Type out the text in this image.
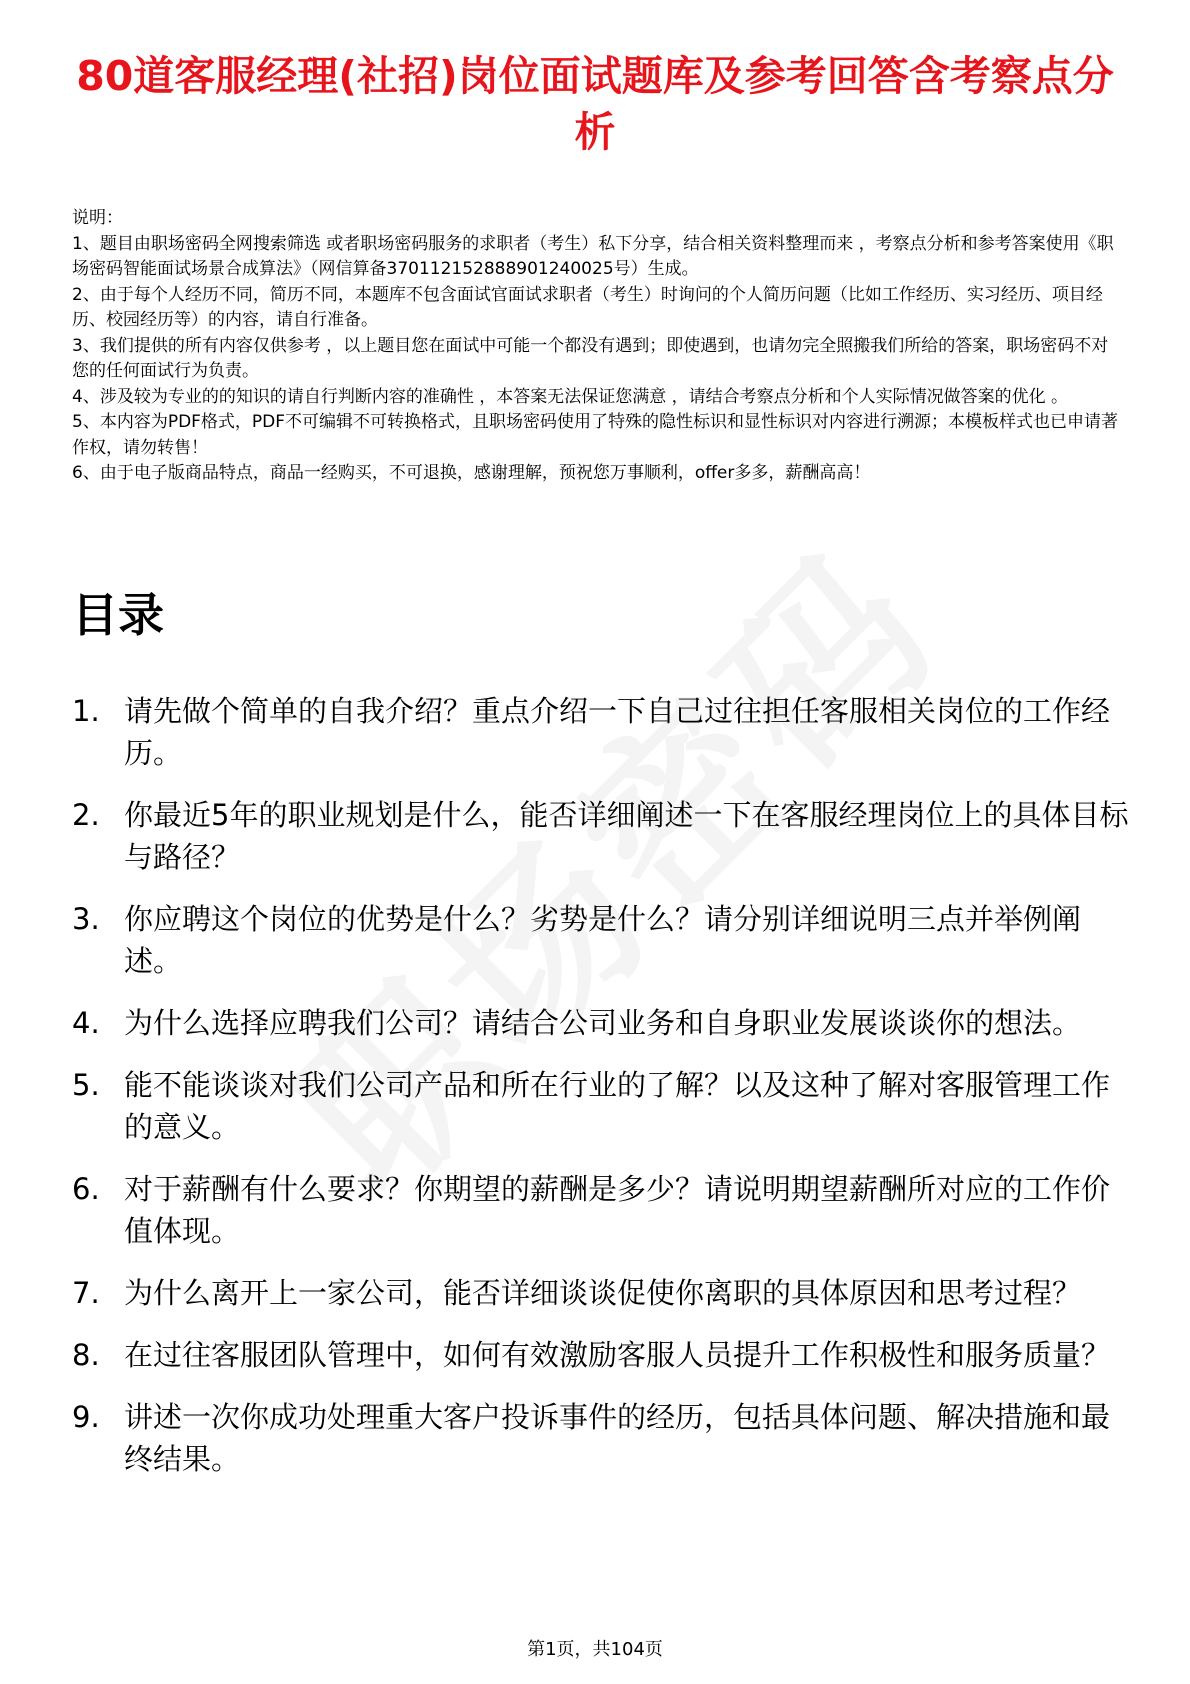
80道客服经理(社招)岗位面试题库及参考回答含考察点分析

说明：

1、题目由职场密码全网搜索筛选 或者职场密码服务的求职者（考生）私下分享，结合相关资料整理而来 ，考察点分析和参考答案使用《职场密码智能面试场景合成算法》（网信算备370112152888901240025号）生成。

2、由于每个人经历不同，简历不同，本题库不包含面试官面试求职者（考生）时询问的个人简历问题（比如工作经历、实习经历、项目经历、校园经历等）的内容，请自行准备。

3、我们提供的所有内容仅供参考 ，以上题目您在面试中可能一个都没有遇到；即使遇到，也请勿完全照搬我们所给的答案，职场密码不对您的任何面试行为负责。

4、涉及较为专业的的知识的请自行判断内容的准确性 ，本答案无法保证您满意 ，请结合考察点分析和个人实际情况做答案的优化 。

5、本内容为PDF格式，PDF不可编辑不可转换格式，且职场密码使用了特殊的隐性标识和显性标识对内容进行溯源；本模板样式也已申请著作权，请勿转售！

6、由于电子版商品特点，商品一经购买，不可退换，感谢理解，预祝您万事顺利，offer多多，薪酬高高！

目录
1. 请先做个简单的自我介绍？重点介绍一下自己过往担任客服相关岗位的工作经历。
2. 你最近5年的职业规划是什么，能否详细阐述一下在客服经理岗位上的具体目标与路径？
3. 你应聘这个岗位的优势是什么？劣势是什么？请分别详细说明三点并举例阐述。
4. 为什么选择应聘我们公司？请结合公司业务和自身职业发展谈谈你的想法。
5. 能不能谈谈对我们公司产品和所在行业的了解？以及这种了解对客服管理工作的意义。
6. 对于薪酬有什么要求？你期望的薪酬是多少？请说明期望薪酬所对应的工作价值体现。
7. 为什么离开上一家公司，能否详细谈谈促使你离职的具体原因和思考过程？
8. 在过往客服团队管理中，如何有效激励客服人员提升工作积极性和服务质量？
9. 讲述一次你成功处理重大客户投诉事件的经历，包括具体问题、解决措施和最终结果。
第1页，共104页
